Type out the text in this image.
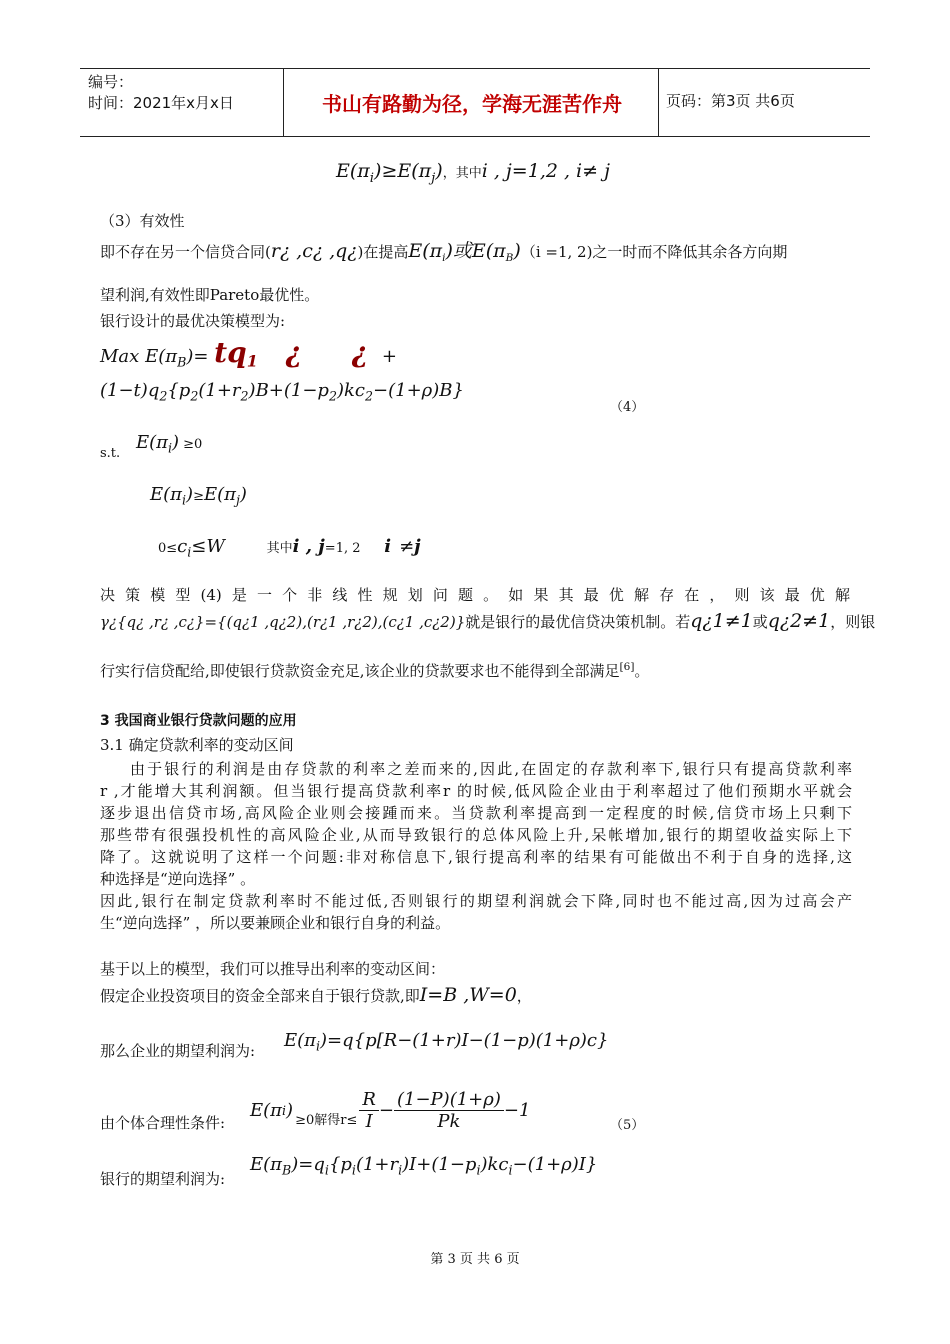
编号：
时间：2021年x月x日	书山有路勤为径，学海无涯苦作舟	页码：第3页 共6页
$E(\pi_i)\ge E(\pi_j)$，其中i , j=1,2 , i≠ j
（3）有效性
即不存在另一个信贷合同(r¿ ,c¿ ,q¿)在提高$E(\pi_i)$或$E(\pi_B)(i =1$, 2)之一时而不降低其余各方向期
望利润,有效性即Pareto最优性。
银行设计的最优决策模型为:
Max $E(\pi_B)= tq_1$ ¿ ¿ +
$(1-t)q_2\{p_2(1+r_2)B+(1-p_2)kc_2-(1+\rho)B\}$
（4）
s.t.
$E(\pi_i) \ge 0$
$E(\pi_i)\ge E(\pi_j)$
$0\le c_i\le W$	其中i , j=1, 2 i ≠j
决策模型(4)是一个非线性规划问题。如果其最优解存在，则该最优解
γ¿{q¿ ,r¿ ,c¿}={(q¿1 ,q¿2),(r¿1 ,r¿2),(c¿1 ,c¿2)}就是银行的最优信贷决策机制。若q¿1≠1或q¿2≠1，则银
行实行信贷配给,即使银行贷款资金充足,该企业的贷款要求也不能得到全部满足[6]。
3 我国商业银行贷款问题的应用
3.1 确定贷款利率的变动区间
由于银行的利润是由存贷款的利率之差而来的,因此,在固定的存款利率下,银行只有提高贷款利率
r ,才能增大其利润额。但当银行提高贷款利率r 的时候,低风险企业由于利率超过了他们预期水平就会
逐步退出信贷市场,高风险企业则会接踵而来。当贷款利率提高到一定程度的时候,信贷市场上只剩下
那些带有很强投机性的高风险企业,从而导致银行的总体风险上升,呆帐增加,银行的期望收益实际上下
降了。这就说明了这样一个问题:非对称信息下,银行提高利率的结果有可能做出不利于自身的选择,这
种选择是“逆向选择” 。
因此,银行在制定贷款利率时不能过低,否则银行的期望利润就会下降,同时也不能过高,因为过高会产
生“逆向选择” ，所以要兼顾企业和银行自身的利益。
基于以上的模型，我们可以推导出利率的变动区间：
假定企业投资项目的资金全部来自于银行贷款,即I=B ,W=0，
那么企业的期望利润为: $E(\pi_i)=q\{p[R-(1+r)I-(1-p)(1+\rho)c\}$
由个体合理性条件:
E(π i ) ≥0解得$r\le \frac{R}{I} - \frac{(1-P)(1+\rho)}{Pk} -1$
（5）
银行的期望利润为:
$E(\pi_B)=q_i\{p_i(1+r_i)I+(1-p_i)kc_i-(1+\rho)I\}$
第 3 页 共 6 页
